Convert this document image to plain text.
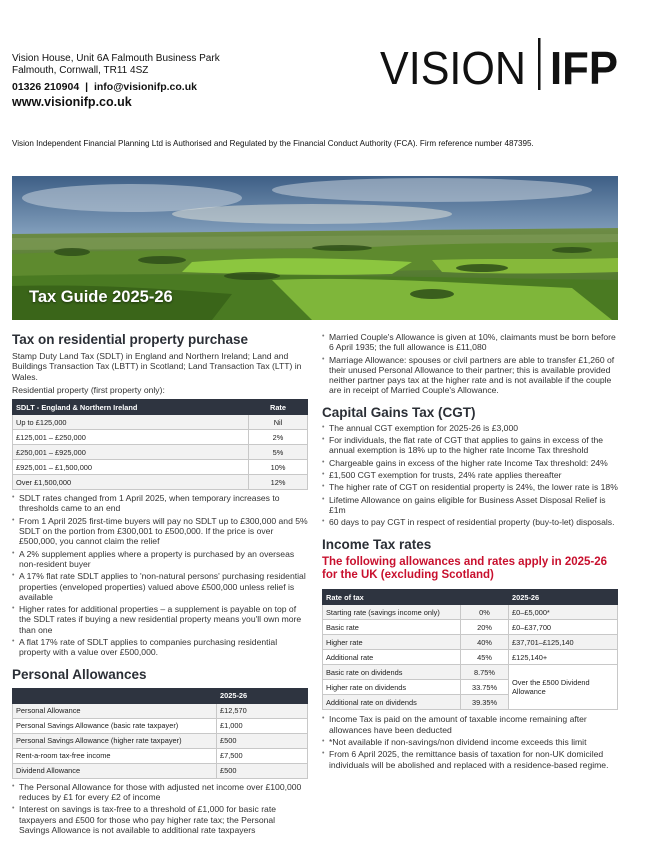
Vision House, Unit 6A Falmouth Business Park
Falmouth, Cornwall, TR11 4SZ
01326 210904 | info@visionifp.co.uk
www.visionifp.co.uk
VISION IFP
Vision Independent Financial Planning Ltd is Authorised and Regulated by the Financial Conduct Authority (FCA). Firm reference number 487395.
Tax Guide 2025-26
Tax on residential property purchase

Stamp Duty Land Tax (SDLT) in England and Northern Ireland; Land and Buildings Transaction Tax (LBTT) in Scotland; Land Transaction Tax (LTT) in Wales.

Residential property (first property only):

SDLT - England & Northern Ireland	Rate
Up to £125,000	Nil
£125,001 – £250,000	2%
£250,001 – £925,000	5%
£925,001 – £1,500,000	10%
Over £1,500,000	12%
• SDLT rates changed from 1 April 2025, when temporary increases to thresholds came to an end
• From 1 April 2025 first-time buyers will pay no SDLT up to £300,000 and 5% SDLT on the portion from £300,001 to £500,000. If the price is over £500,000, you cannot claim the relief
• A 2% supplement applies where a property is purchased by an overseas non-resident buyer
• A 17% flat rate SDLT applies to 'non-natural persons' purchasing residential properties (enveloped properties) valued above £500,000 unless relief is available
• Higher rates for additional properties – a supplement is payable on top of the SDLT rates if buying a new residential property means you'll own more than one
• A flat 17% rate of SDLT applies to companies purchasing residential property with a value over £500,000.
Personal Allowances
	2025-26
Personal Allowance	£12,570
Personal Savings Allowance (basic rate taxpayer)	£1,000
Personal Savings Allowance (higher rate taxpayer)	£500
Rent-a-room tax-free income	£7,500
Dividend Allowance	£500
• The Personal Allowance for those with adjusted net income over £100,000 reduces by £1 for every £2 of income
• Interest on savings is tax-free to a threshold of £1,000 for basic rate taxpayers and £500 for those who pay higher rate tax; the Personal Savings Allowance is not available to additional rate taxpayers
• Married Couple's Allowance is given at 10%, claimants must be born before 6 April 1935; the full allowance is £11,080
• Marriage Allowance: spouses or civil partners are able to transfer £1,260 of their unused Personal Allowance to their partner; this is available provided neither partner pays tax at the higher rate and is not available if the couple are in receipt of Married Couple's Allowance.
Capital Gains Tax (CGT)
• The annual CGT exemption for 2025-26 is £3,000
• For individuals, the flat rate of CGT that applies to gains in excess of the annual exemption is 18% up to the higher rate Income Tax threshold
• Chargeable gains in excess of the higher rate Income Tax threshold: 24%
• £1,500 CGT exemption for trusts, 24% rate applies thereafter
• The higher rate of CGT on residential property is 24%, the lower rate is 18%
• Lifetime Allowance on gains eligible for Business Asset Disposal Relief is £1m
• 60 days to pay CGT in respect of residential property (buy-to-let) disposals.
Income Tax rates
The following allowances and rates apply in 2025-26 for the UK (excluding Scotland)
Rate of tax		2025-26
Starting rate (savings income only)	0%	£0–£5,000*
Basic rate	20%	£0–£37,700
Higher rate	40%	£37,701–£125,140
Additional rate	45%	£125,140+
Basic rate on dividends	8.75%	Over the £500 Dividend Allowance
Higher rate on dividends	33.75%	
Additional rate on dividends	39.35%	
• Income Tax is paid on the amount of taxable income remaining after allowances have been deducted
• *Not available if non-savings/non dividend income exceeds this limit
• From 6 April 2025, the remittance basis of taxation for non-UK domiciled individuals will be abolished and replaced with a residence-based regime.
